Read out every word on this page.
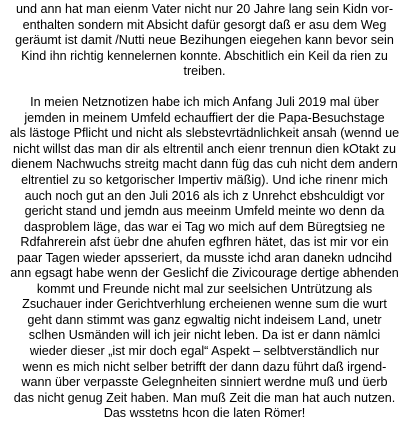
und ann hat man eienm Vater nicht nur 20 Jahre lang sein Kidn vor-
enthalten sondern mit Absicht dafür gesorgt daß er asu dem Weg
geräumt ist damit /Nutti neue Bezihungen eiegehen kann bevor sein
Kind ihn richtig kennelernen konnte. Abschitlich ein Keil da rien zu
treiben.
In meien Netznotizen habe ich mich Anfang Juli 2019 mal über
jemden in meinem Umfeld echauffiert der die Papa-Besuchstage
als lästoge Pflicht und nicht als slebstevrtädnlichkeit ansah (wennd ue
nicht willst das man dir als eltrentil anch eienr trennun dien kOtakt zu
dienem Nachwuchs streitg macht dann füg das cuh nicht dem andern
eltrentiel zu so ketgorischer Impertiv mäßig). Und iche rinenr mich
auch noch gut an den Juli 2016 als ich z Unrehct ebshculdigt vor
gericht stand und jemdn aus meeinm Umfeld meinte wo denn da
dasproblem läge, das war ei Tag wo mich auf dem Büregtsieg ne
Rdfahrerein afst üebr dne ahufen egfhren hätet, das ist mir vor ein
paar Tagen wieder apsseriert, da musste ichd aran danekn udncihd
ann egsagt habe wenn der Geslichf die Zivicourage dertige abhenden
kommt und Freunde nicht mal zur seelsichen Untrützung als
Zsuchauer inder Gerichtverhlung ercheienen wenne sum die wurt
geht dann stimmt was ganz egwaltig nicht indeisem Land, unetr
sclhen Usmänden will ich jeir nicht leben. Da ist er dann nämlci
wieder dieser „ist mir doch egal“ Aspekt – selbtverständlich nur
wenn es mich nicht selber betrifft der dann dazu führt daß irgend-
wann über verpasste Gelegnheiten sinniert werdne muß und üerb
das nicht genug Zeit haben. Man muß Zeit die man hat auch nutzen.
Das wsstetns hcon die laten Römer!
